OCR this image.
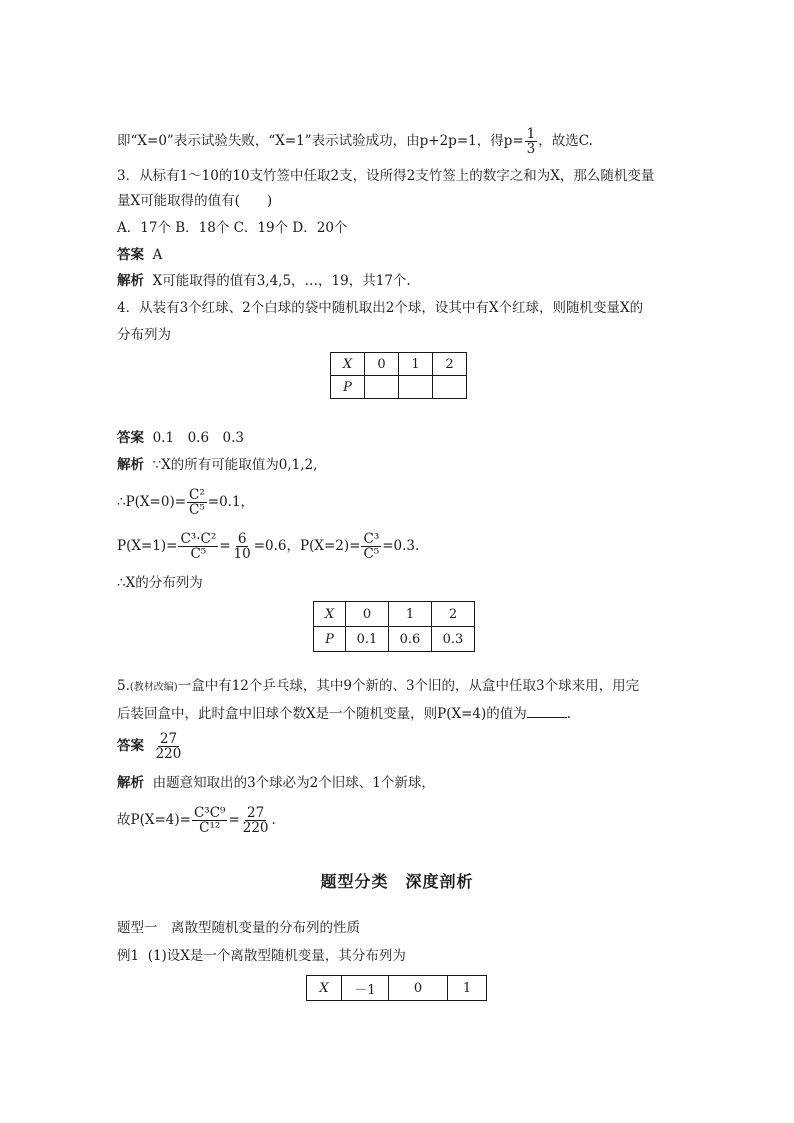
即“X=0”表示试验失败，“X=1”表示试验成功，由p+2p=1，得$p= \frac{1}{3}$ ，故选C.
3．从标有1～10的10支竹签中任取2支，设所得2支竹签上的数字之和为X，那么随机变量
量X可能取得的值有(　　)
A．17个 B．18个 C．19个 D．20个
答案 A
解析 X可能取得的值有3,4,5，…，19，共17个.
4．从装有3个红球、2个白球的袋中随机取出2个球，设其中有X个红球，则随机变量X的
分布列为
X	0	1	2
P			
答案 0.1　0.6　0.3
解析 ∵X的所有可能取值为0,1,2,
∴P(X=0)= $\frac{\text{C²}}{\text{C⁵}} =0.1$，
$P(X=1)= \frac{\text{C³·C²}}{\text{C⁵}} = \frac{6}{10} =0.6$，$P(X=2)= \frac{\text{C³}}{\text{C⁵}} =0.3$.
∴X的分布列为
X	0	1	2
P	0.1	0.6	0.3
5.(教材改编)一盒中有12个乒乓球，其中9个新的、3个旧的，从盒中任取3个球来用，用完
后装回盒中，此时盒中旧球个数X是一个随机变量，则P(X=4)的值为	.
答案 $\frac{27}{220}$
解析 由题意知取出的3个球必为2个旧球、1个新球，
故$P(X=4)= \frac{\text{C³C⁹}}{\text{C¹²}} = \frac{27}{220}$ .
题型分类　深度剖析
题型一　离散型随机变量的分布列的性质
例1 (1)设X是一个离散型随机变量，其分布列为
X	－1	0	1
